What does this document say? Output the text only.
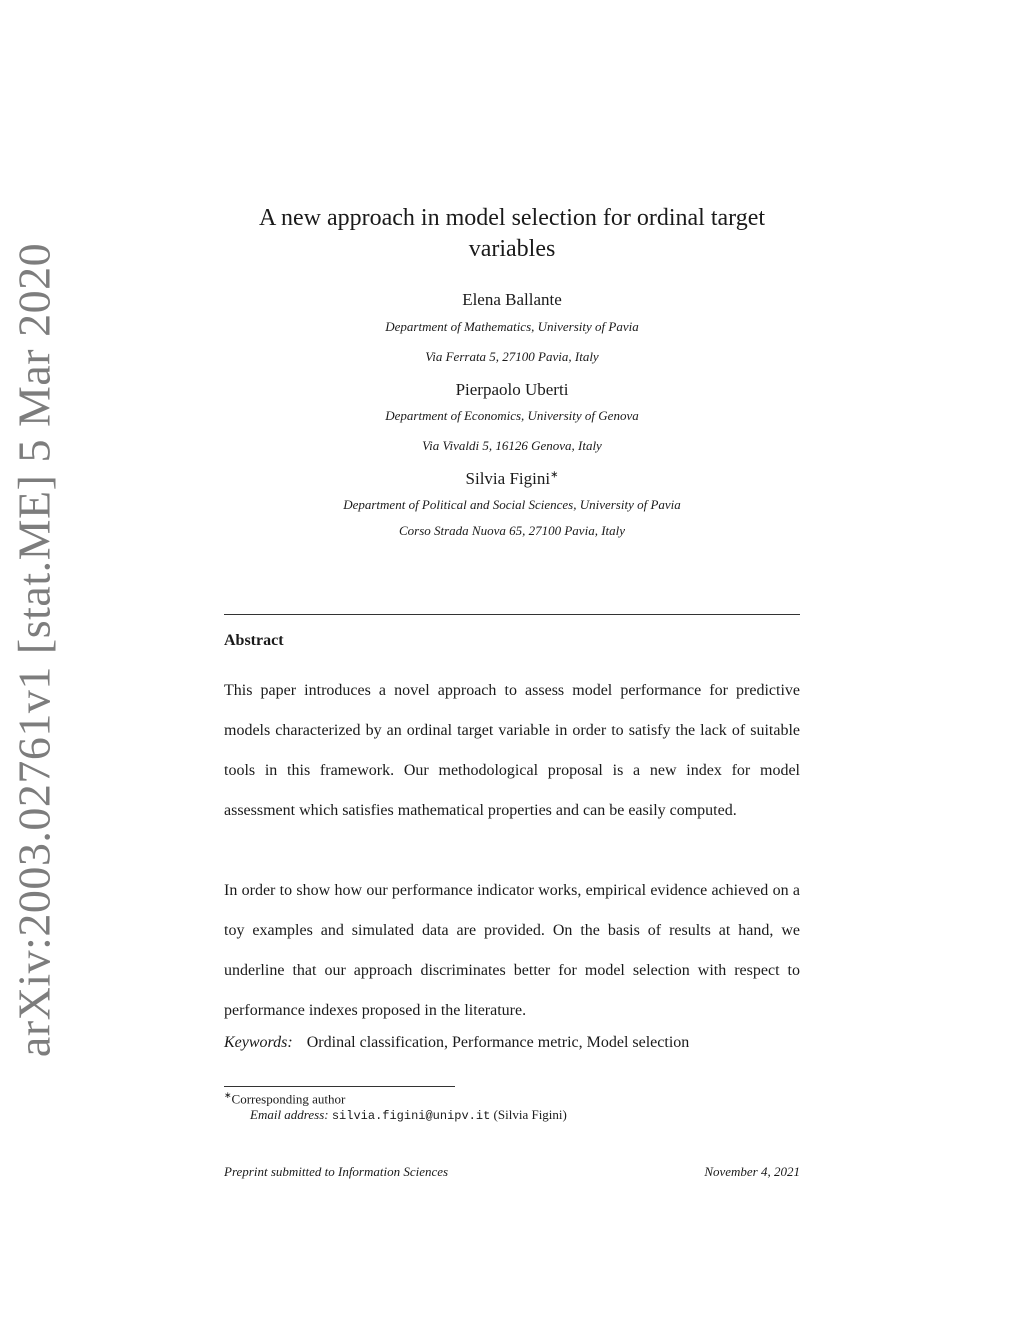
arXiv:2003.02761v1 [stat.ME] 5 Mar 2020
A new approach in model selection for ordinal target
variables
Elena Ballante
Department of Mathematics, University of Pavia
Via Ferrata 5, 27100 Pavia, Italy
Pierpaolo Uberti
Department of Economics, University of Genova
Via Vivaldi 5, 16126 Genova, Italy
Silvia Figini∗
Department of Political and Social Sciences, University of Pavia
Corso Strada Nuova 65, 27100 Pavia, Italy
Abstract

This paper introduces a novel approach to assess model performance for predictive models characterized by an ordinal target variable in order to satisfy the lack of suitable tools in this framework. Our methodological proposal is a new index for model assessment which satisfies mathematical properties and can be easily computed.

In order to show how our performance indicator works, empirical evidence achieved on a toy examples and simulated data are provided. On the basis of results at hand, we underline that our approach discriminates better for model selection with respect to performance indexes proposed in the literature.

Keywords: Ordinal classification, Performance metric, Model selection
∗Corresponding author
Email address: silvia.figini@unipv.it (Silvia Figini)
Preprint submitted to Information Sciences	November 4, 2021
